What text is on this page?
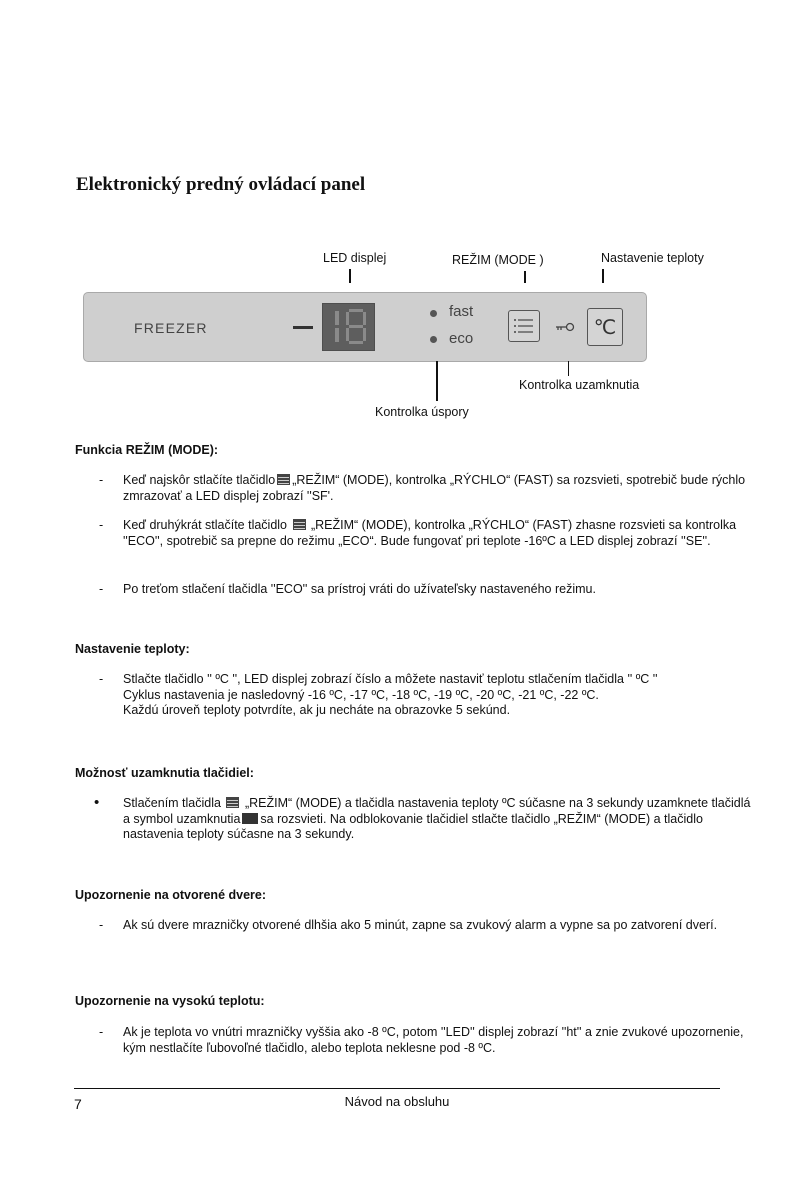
Elektronický predný ovládací panel
LED displej	REŽIM (MODE )	Nastavenie teploty
FREEZER
fast
eco	℃
Kontrolka úspory
Kontrolka uzamknutia
Funkcia REŽIM (MODE):
- Keď najskôr stlačíte tlačidlo „REŽIM“ (MODE), kontrolka „RÝCHLO“ (FAST) sa rozsvieti, spotrebič bude rýchlo zmrazovať a LED displej zobrazí ''SF'.
- Keď druhýkrát stlačíte tlačidlo „REŽIM“ (MODE), kontrolka „RÝCHLO“ (FAST) zhasne rozsvieti sa kontrolka ''ECO'', spotrebič sa prepne do režimu „ECO“. Bude fungovať pri teplote -16ºC a LED displej zobrazí ''SE''.
- Po treťom stlačení tlačidla ''ECO'' sa prístroj vráti do užívateľsky nastaveného režimu.
Nastavenie teploty:
- Stlačte tlačidlo '' ºC '', LED displej zobrazí číslo a môžete nastaviť teplotu stlačením tlačidla '' ºC ''
Cyklus nastavenia je nasledovný -16 ºC, -17 ºC, -18 ºC, -19 ºC, -20 ºC, -21 ºC, -22 ºC.
Každú úroveň teploty potvrdíte, ak ju necháte na obrazovke 5 sekúnd.
Možnosť uzamknutia tlačidiel:
• Stlačením tlačidla „REŽIM“ (MODE) a tlačidla nastavenia teploty ºC súčasne na 3 sekundy uzamknete tlačidlá a symbol uzamknutia sa rozsvieti. Na odblokovanie tlačidiel stlačte tlačidlo „REŽIM“ (MODE) a tlačidlo nastavenia teploty súčasne na 3 sekundy.
Upozornenie na otvorené dvere:
- Ak sú dvere mrazničky otvorené dlhšia ako 5 minút, zapne sa zvukový alarm a vypne sa po zatvorení dverí.
Upozornenie na vysokú teplotu:
- Ak je teplota vo vnútri mrazničky vyššia ako -8 ºC, potom ''LED'' displej zobrazí ''ht'' a znie zvukové upozornenie, kým nestlačíte ľubovoľné tlačidlo, alebo teplota neklesne pod -8 ºC.
7	Návod na obsluhu
